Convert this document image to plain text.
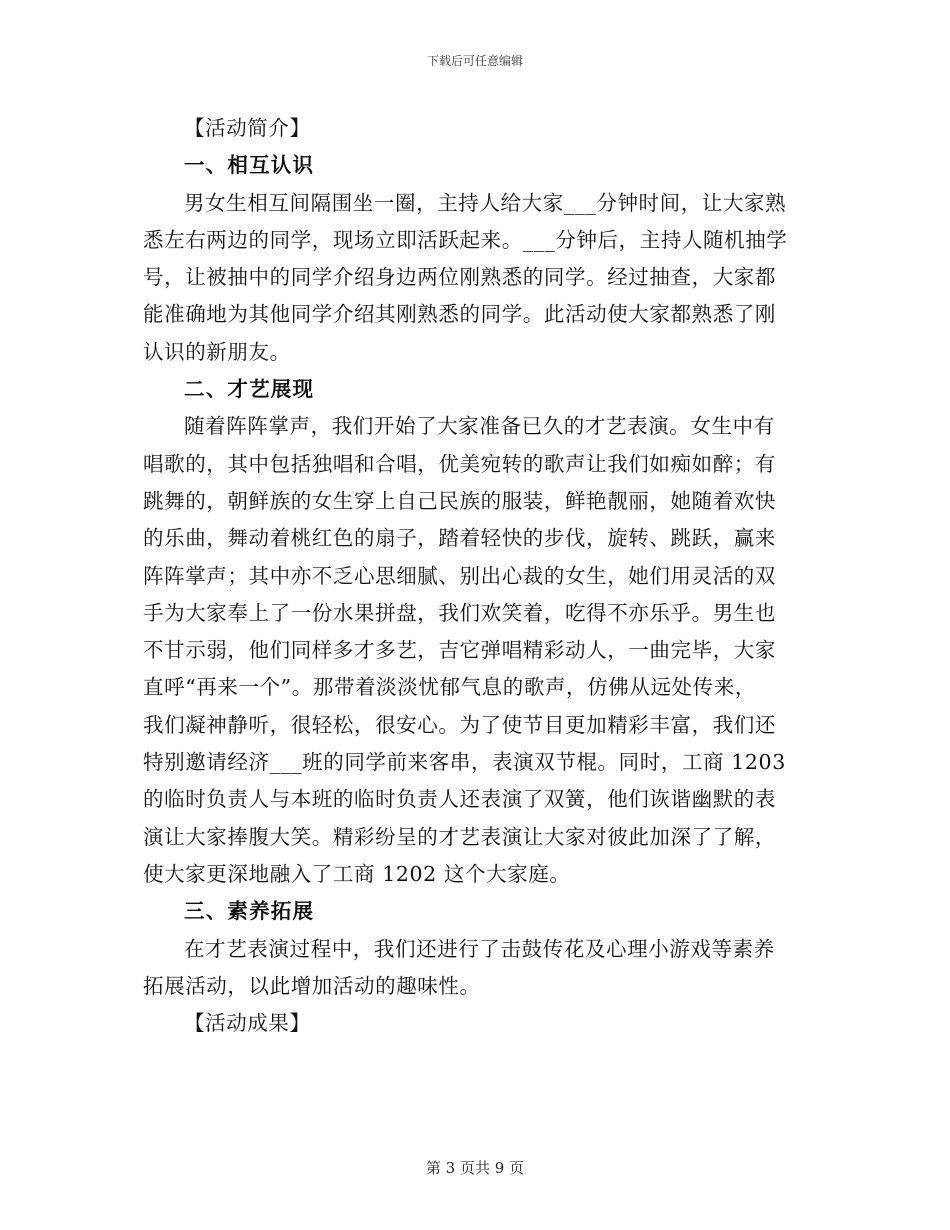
下载后可任意编辑
【活动简介】
一、相互认识
男女生相互间隔围坐一圈，主持人给大家___分钟时间，让大家熟
悉左右两边的同学，现场立即活跃起来。___分钟后，主持人随机抽学
号，让被抽中的同学介绍身边两位刚熟悉的同学。经过抽查，大家都
能准确地为其他同学介绍其刚熟悉的同学。此活动使大家都熟悉了刚
认识的新朋友。
二、才艺展现
随着阵阵掌声，我们开始了大家准备已久的才艺表演。女生中有
唱歌的，其中包括独唱和合唱，优美宛转的歌声让我们如痴如醉；有
跳舞的，朝鲜族的女生穿上自己民族的服装，鲜艳靓丽，她随着欢快
的乐曲，舞动着桃红色的扇子，踏着轻快的步伐，旋转、跳跃，赢来
阵阵掌声；其中亦不乏心思细腻、别出心裁的女生，她们用灵活的双
手为大家奉上了一份水果拼盘，我们欢笑着，吃得不亦乐乎。男生也
不甘示弱，他们同样多才多艺，吉它弹唱精彩动人，一曲完毕，大家
直呼“再来一个”。那带着淡淡忧郁气息的歌声，仿佛从远处传来，
我们凝神静听，很轻松，很安心。为了使节目更加精彩丰富，我们还
特别邀请经济___班的同学前来客串，表演双节棍。同时，工商 1203
的临时负责人与本班的临时负责人还表演了双簧，他们诙谐幽默的表
演让大家捧腹大笑。精彩纷呈的才艺表演让大家对彼此加深了了解，
使大家更深地融入了工商 1202 这个大家庭。
三、素养拓展
在才艺表演过程中，我们还进行了击鼓传花及心理小游戏等素养
拓展活动，以此增加活动的趣味性。
【活动成果】
第 3 页共 9 页
